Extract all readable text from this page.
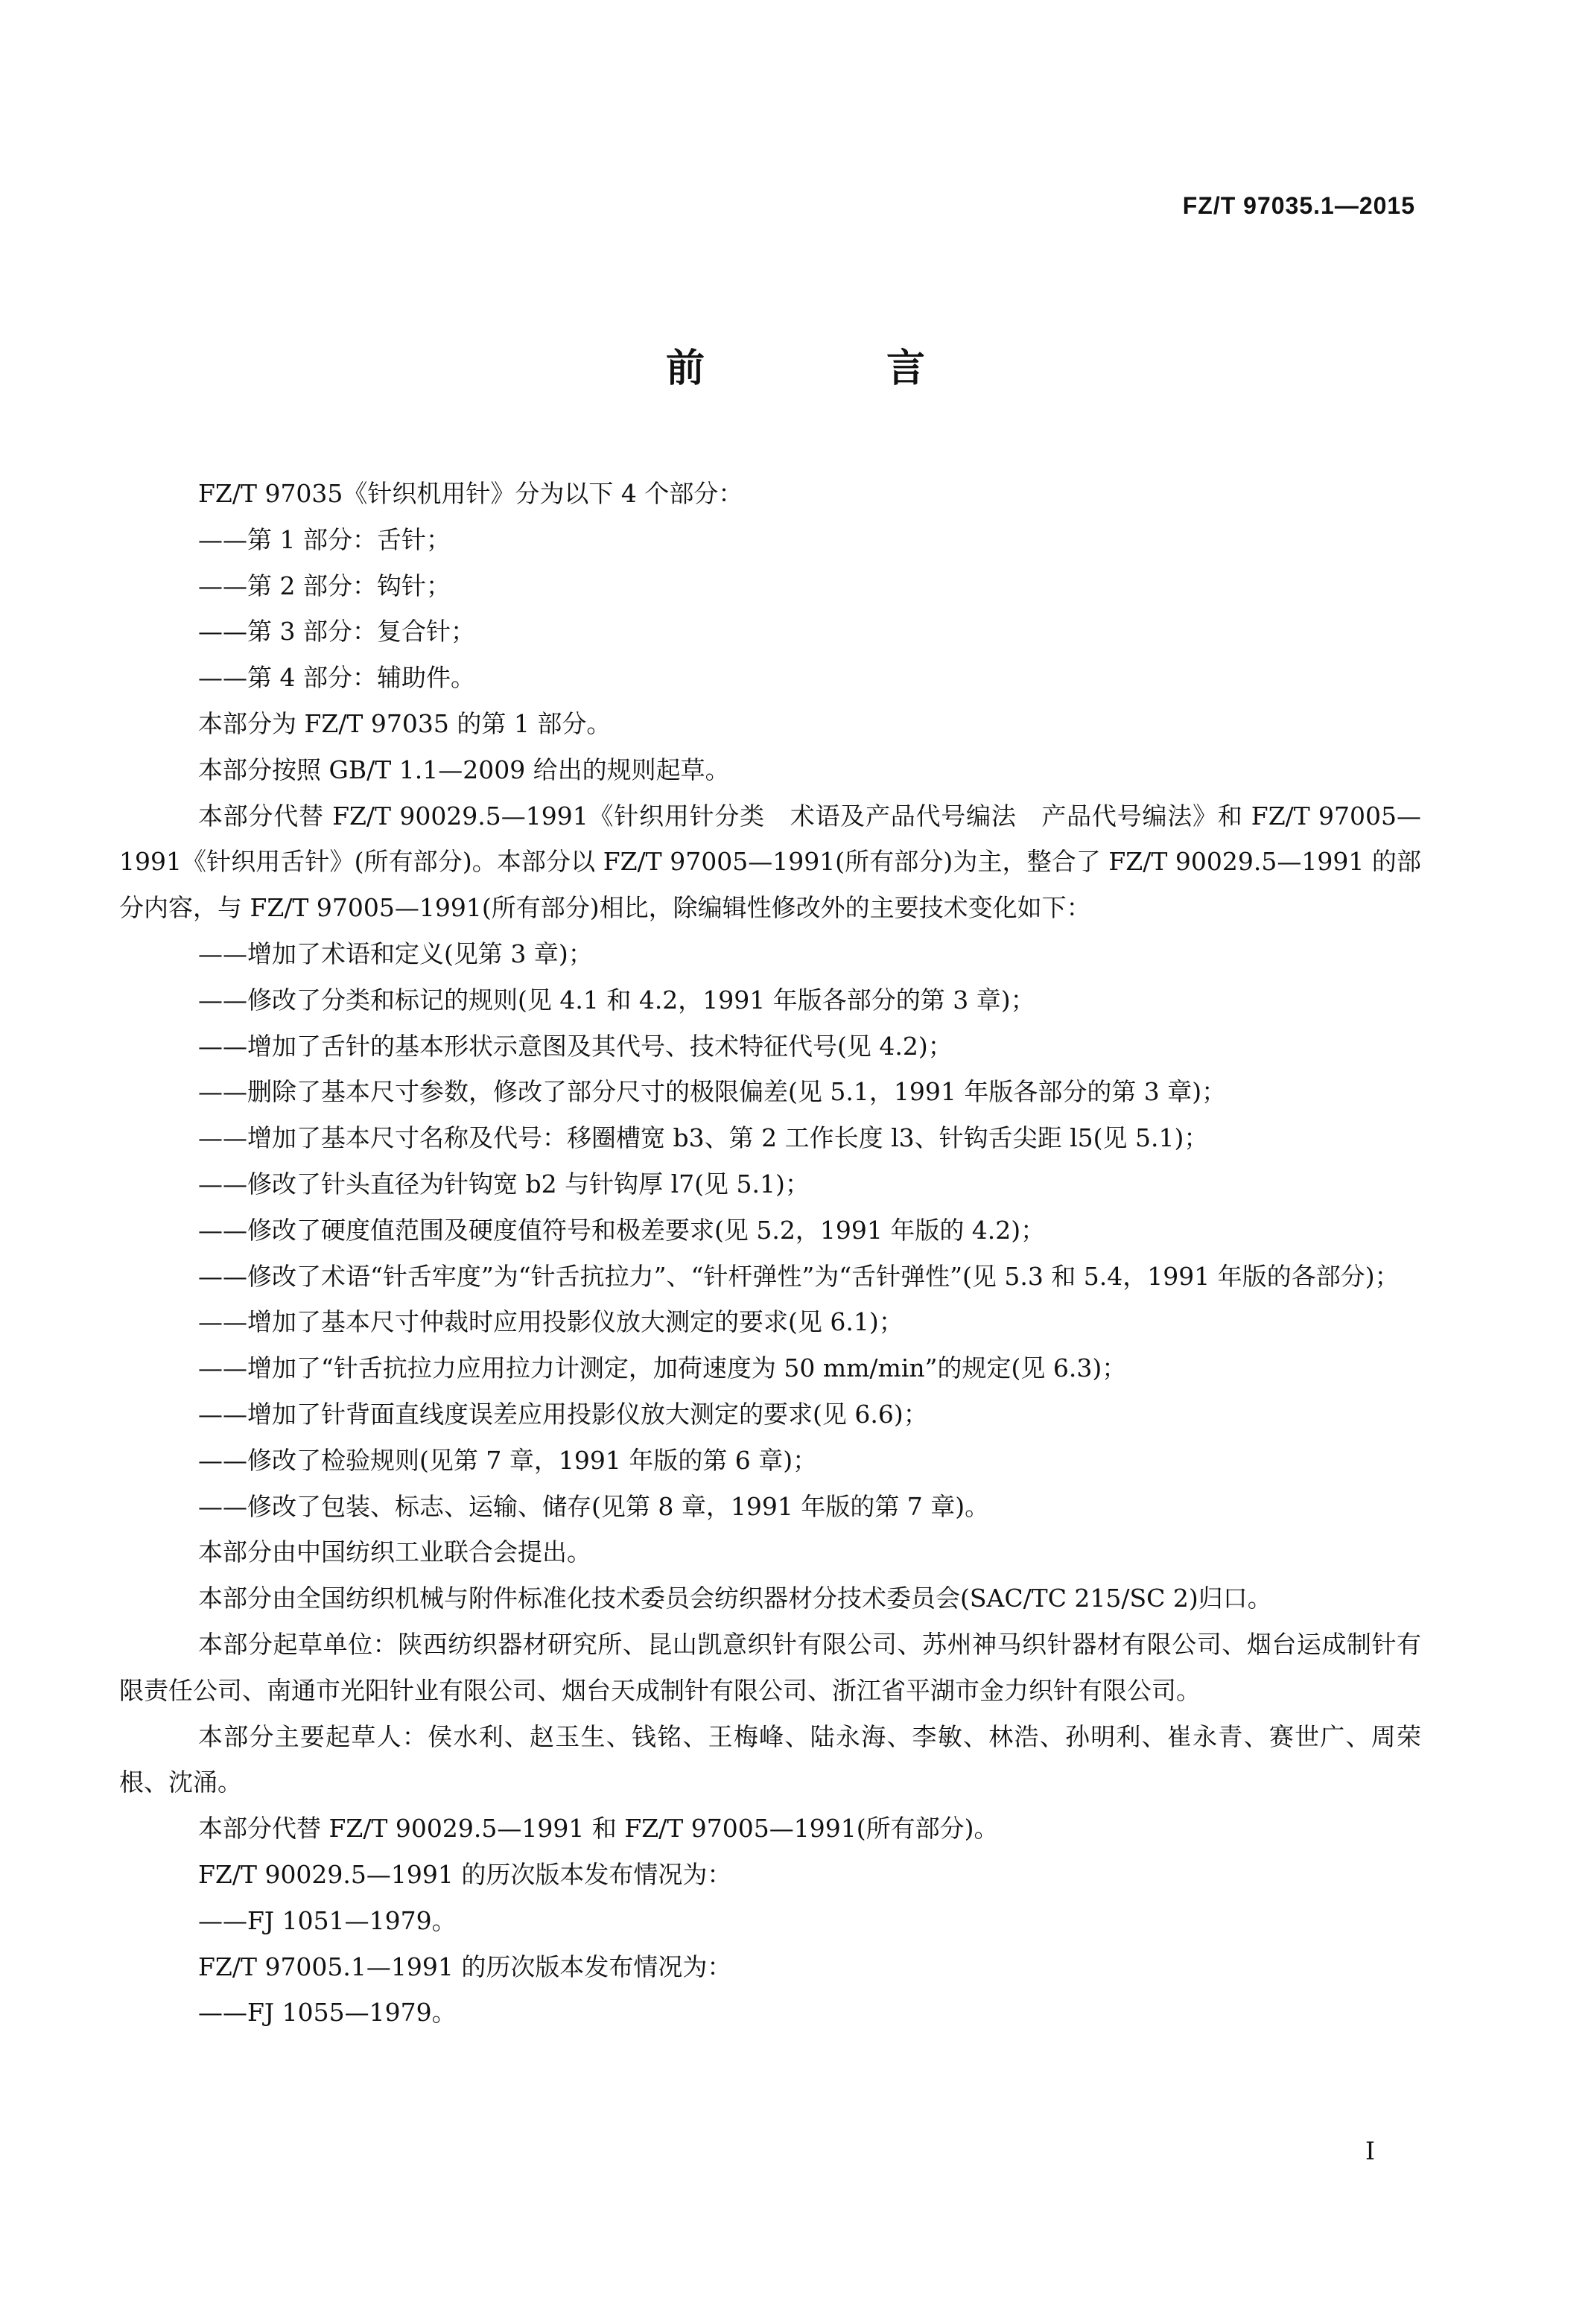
FZ/T 97035.1—2015
前　言

FZ/T 97035《针织机用针》分为以下 4 个部分：

——第 1 部分：舌针；

——第 2 部分：钩针；

——第 3 部分：复合针；

——第 4 部分：辅助件。

本部分为 FZ/T 97035 的第 1 部分。

本部分按照 GB/T 1.1—2009 给出的规则起草。

本部分代替 FZ/T 90029.5—1991《针织用针分类　术语及产品代号编法　产品代号编法》和 FZ/T 97005—1991《针织用舌针》(所有部分)。本部分以 FZ/T 97005—1991(所有部分)为主，整合了 FZ/T 90029.5—1991 的部分内容，与 FZ/T 97005—1991(所有部分)相比，除编辑性修改外的主要技术变化如下：

——增加了术语和定义(见第 3 章)；

——修改了分类和标记的规则(见 4.1 和 4.2，1991 年版各部分的第 3 章)；

——增加了舌针的基本形状示意图及其代号、技术特征代号(见 4.2)；

——删除了基本尺寸参数，修改了部分尺寸的极限偏差(见 5.1，1991 年版各部分的第 3 章)；

——增加了基本尺寸名称及代号：移圈槽宽 b3、第 2 工作长度 l3、针钩舌尖距 l5(见 5.1)；

——修改了针头直径为针钩宽 b2 与针钩厚 l7(见 5.1)；

——修改了硬度值范围及硬度值符号和极差要求(见 5.2，1991 年版的 4.2)；

——修改了术语“针舌牢度”为“针舌抗拉力”、“针杆弹性”为“舌针弹性”(见 5.3 和 5.4，1991 年版的各部分)；

——增加了基本尺寸仲裁时应用投影仪放大测定的要求(见 6.1)；

——增加了“针舌抗拉力应用拉力计测定，加荷速度为 50 mm/min”的规定(见 6.3)；

——增加了针背面直线度误差应用投影仪放大测定的要求(见 6.6)；

——修改了检验规则(见第 7 章，1991 年版的第 6 章)；

——修改了包装、标志、运输、储存(见第 8 章，1991 年版的第 7 章)。

本部分由中国纺织工业联合会提出。

本部分由全国纺织机械与附件标准化技术委员会纺织器材分技术委员会(SAC/TC 215/SC 2)归口。

本部分起草单位：陕西纺织器材研究所、昆山凯意织针有限公司、苏州神马织针器材有限公司、烟台运成制针有限责任公司、南通市光阳针业有限公司、烟台天成制针有限公司、浙江省平湖市金力织针有限公司。

本部分主要起草人：侯水利、赵玉生、钱铭、王梅峰、陆永海、李敏、林浩、孙明利、崔永青、赛世广、周荣根、沈涌。

本部分代替 FZ/T 90029.5—1991 和 FZ/T 97005—1991(所有部分)。

FZ/T 90029.5—1991 的历次版本发布情况为：

——FJ 1051—1979。

FZ/T 97005.1—1991 的历次版本发布情况为：

——FJ 1055—1979。

I
